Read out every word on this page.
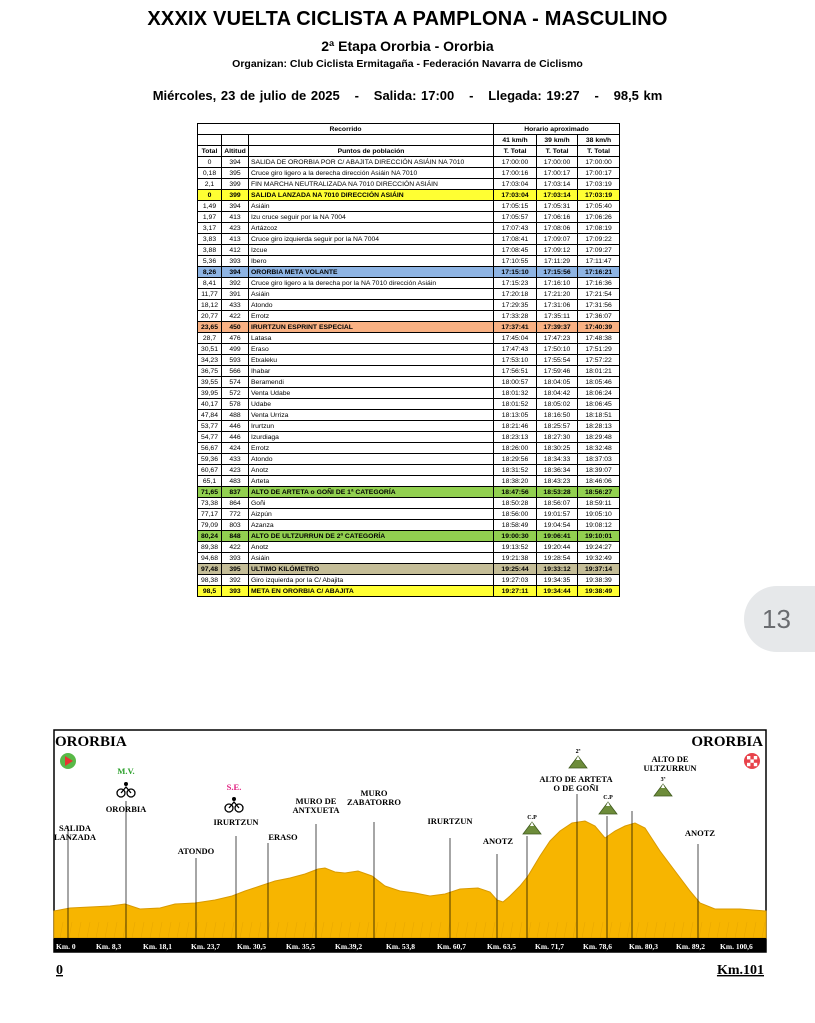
XXXIX VUELTA CICLISTA A PAMPLONA - MASCULINO
2ª Etapa Ororbia - Ororbia
Organizan: Club Ciclista Ermitagaña - Federación Navarra de Ciclismo
Miércoles, 23 de julio de 2025 - Salida: 17:00 - Llegada: 19:27 - 98,5 km
Recorrido			Horario aproximado		
			41 km/h	39 km/h	38 km/h
Total	Altitud	Puntos de población	T. Total	T. Total	T. Total
0	394	SALIDA DE ORORBIA POR C/ ABAJITA DIRECCIÓN ASIÁIN NA 7010	17:00:00	17:00:00	17:00:00
0,18	395	Cruce giro ligero a la derecha dirección Asiáin NA 7010	17:00:16	17:00:17	17:00:17
2,1	399	FIN MARCHA NEUTRALIZADA NA 7010 DIRECCIÓN ASIÁIN	17:03:04	17:03:14	17:03:19
0	399	SALIDA LANZADA NA 7010 DIRECCIÓN ASIÁIN	17:03:04	17:03:14	17:03:19
1,49	394	Asiáin	17:05:15	17:05:31	17:05:40
1,97	413	Izu cruce seguir por la NA 7004	17:05:57	17:06:16	17:06:26
3,17	423	Artázcoz	17:07:43	17:08:06	17:08:19
3,83	413	Cruce giro izquierda seguir por la NA 7004	17:08:41	17:09:07	17:09:22
3,88	412	Izcue	17:08:45	17:09:12	17:09:27
5,36	393	Ibero	17:10:55	17:11:29	17:11:47
8,26	394	ORORBIA META VOLANTE	17:15:10	17:15:56	17:16:21
8,41	392	Cruce giro ligero a la derecha por la NA 7010 dirección Asiáin	17:15:23	17:16:10	17:16:36
11,77	391	Asiáin	17:20:18	17:21:20	17:21:54
18,12	433	Atondo	17:29:35	17:31:06	17:31:56
20,77	422	Errotz	17:33:28	17:35:11	17:36:07
23,65	450	IRURTZUN ESPRINT ESPECIAL	17:37:41	17:39:37	17:40:39
28,7	476	Latasa	17:45:04	17:47:23	17:48:38
30,51	499	Eraso	17:47:43	17:50:10	17:51:29
34,23	593	Etxaleku	17:53:10	17:55:54	17:57:22
36,75	566	Ihabar	17:56:51	17:59:46	18:01:21
39,55	574	Beramendi	18:00:57	18:04:05	18:05:46
39,95	572	Venta Udabe	18:01:32	18:04:42	18:06:24
40,17	578	Udabe	18:01:52	18:05:02	18:06:45
47,84	488	Venta Urriza	18:13:05	18:16:50	18:18:51
53,77	446	Irurtzun	18:21:46	18:25:57	18:28:13
54,77	446	Izurdiaga	18:23:13	18:27:30	18:29:48
56,67	424	Errotz	18:26:00	18:30:25	18:32:48
59,36	433	Atondo	18:29:56	18:34:33	18:37:03
60,67	423	Anotz	18:31:52	18:36:34	18:39:07
65,1	483	Arteta	18:38:20	18:43:23	18:46:06
71,65	837	ALTO DE ARTETA o GOÑI DE 1ª CATEGORÍA	18:47:56	18:53:28	18:56:27
73,38	864	Goñi	18:50:28	18:56:07	18:59:11
77,17	772	Aizpún	18:56:00	19:01:57	19:05:10
79,09	803	Azanza	18:58:49	19:04:54	19:08:12
80,24	848	ALTO DE ULTZURRUN DE 2ª CATEGORÍA	19:00:30	19:06:41	19:10:01
89,38	422	Anotz	19:13:52	19:20:44	19:24:27
94,68	393	Asiáin	19:21:38	19:28:54	19:32:49
97,48	395	ULTIMO KILÓMETRO	19:25:44	19:33:12	19:37:14
98,38	392	Giro izquierda por la C/ Abajita	19:27:03	19:34:35	19:38:39
98,5	393	META EN ORORBIA C/ ABAJITA	19:27:11	19:34:44	19:38:49
13
Km. 0	Km. 8,3	Km. 18,1	Km. 23,7 Km. 30,5	Km. 35,5	Km.39,2	Km. 53,8	Km. 60,7	Km. 63,5	Km. 71,7	Km. 78,6 Km. 80,3 Km. 89,2 Km. 100,6
ORORBIA	ORORBIA
0	Km.101
SALIDA LANZADA
M.V.
ORORBIA
ATONDO
S.E.
IRURTZUN
ERASO
MURO DE ANTXUETA
MURO ZABATORRO
IRURTZUN
ANOTZ
ALTO DE ARTETA O DE GOÑI
ALTO DE ULTZURRUN
ANOTZ
C.P
2ª
C.P
3ª
